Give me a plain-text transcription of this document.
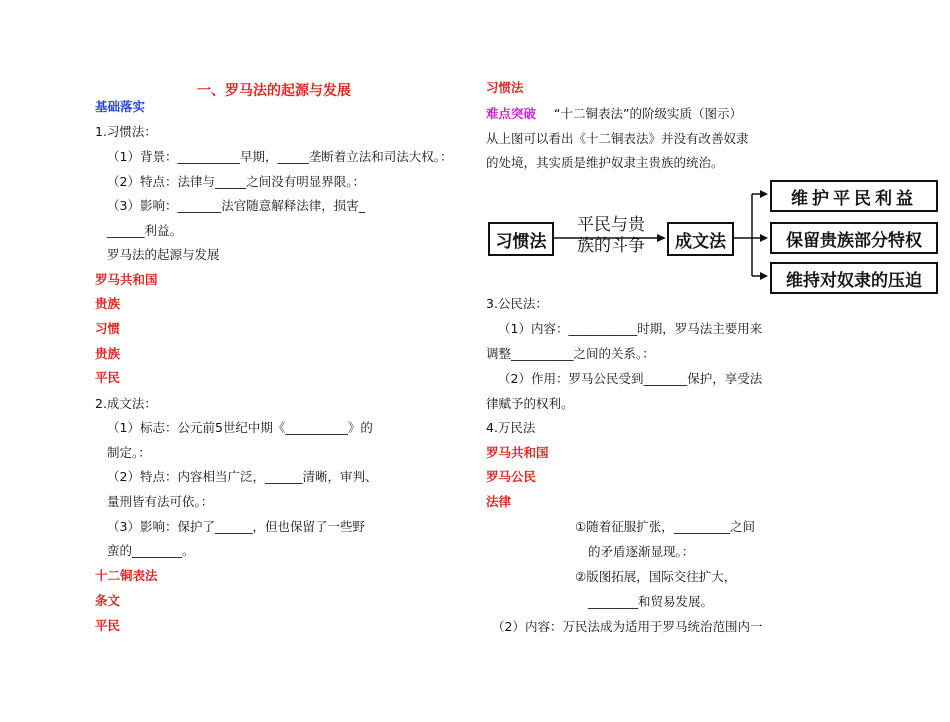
一、罗马法的起源与发展
基础落实
1.习惯法：
（1）背景：__________早期，_____垄断着立法和司法大权。：
（2）特点：法律与_____之间没有明显界限。：
（3）影响：_______法官随意解释法律，损害_
______利益。
罗马法的起源与发展
罗马共和国
贵族
习惯
贵族
平民
2.成文法：
（1）标志：公元前5世纪中期《__________》的
制定。：
（2）特点：内容相当广泛，______清晰，审判、
量刑皆有法可依。：
（3）影响：保护了______，但也保留了一些野
蛮的________。
十二铜表法
条文
平民
习惯法
难点突破 “十二铜表法”的阶级实质（图示）
从上图可以看出《十二铜表法》并没有改善奴隶
的处境，其实质是维护奴隶主贵族的统治。
习惯法
平民与贵
族的斗争	成文法
维护平民利益
保留贵族部分特权
维持对奴隶的压迫
3.公民法：
（1）内容：___________时期，罗马法主要用来
调整__________之间的关系。：
（2）作用：罗马公民受到_______保护，享受法
律赋予的权利。
4.万民法
罗马共和国
罗马公民
法律
①随着征服扩张，_________之间
的矛盾逐渐显现。：
②版图拓展，国际交往扩大，
________和贸易发展。
（2）内容：万民法成为适用于罗马统治范围内一
